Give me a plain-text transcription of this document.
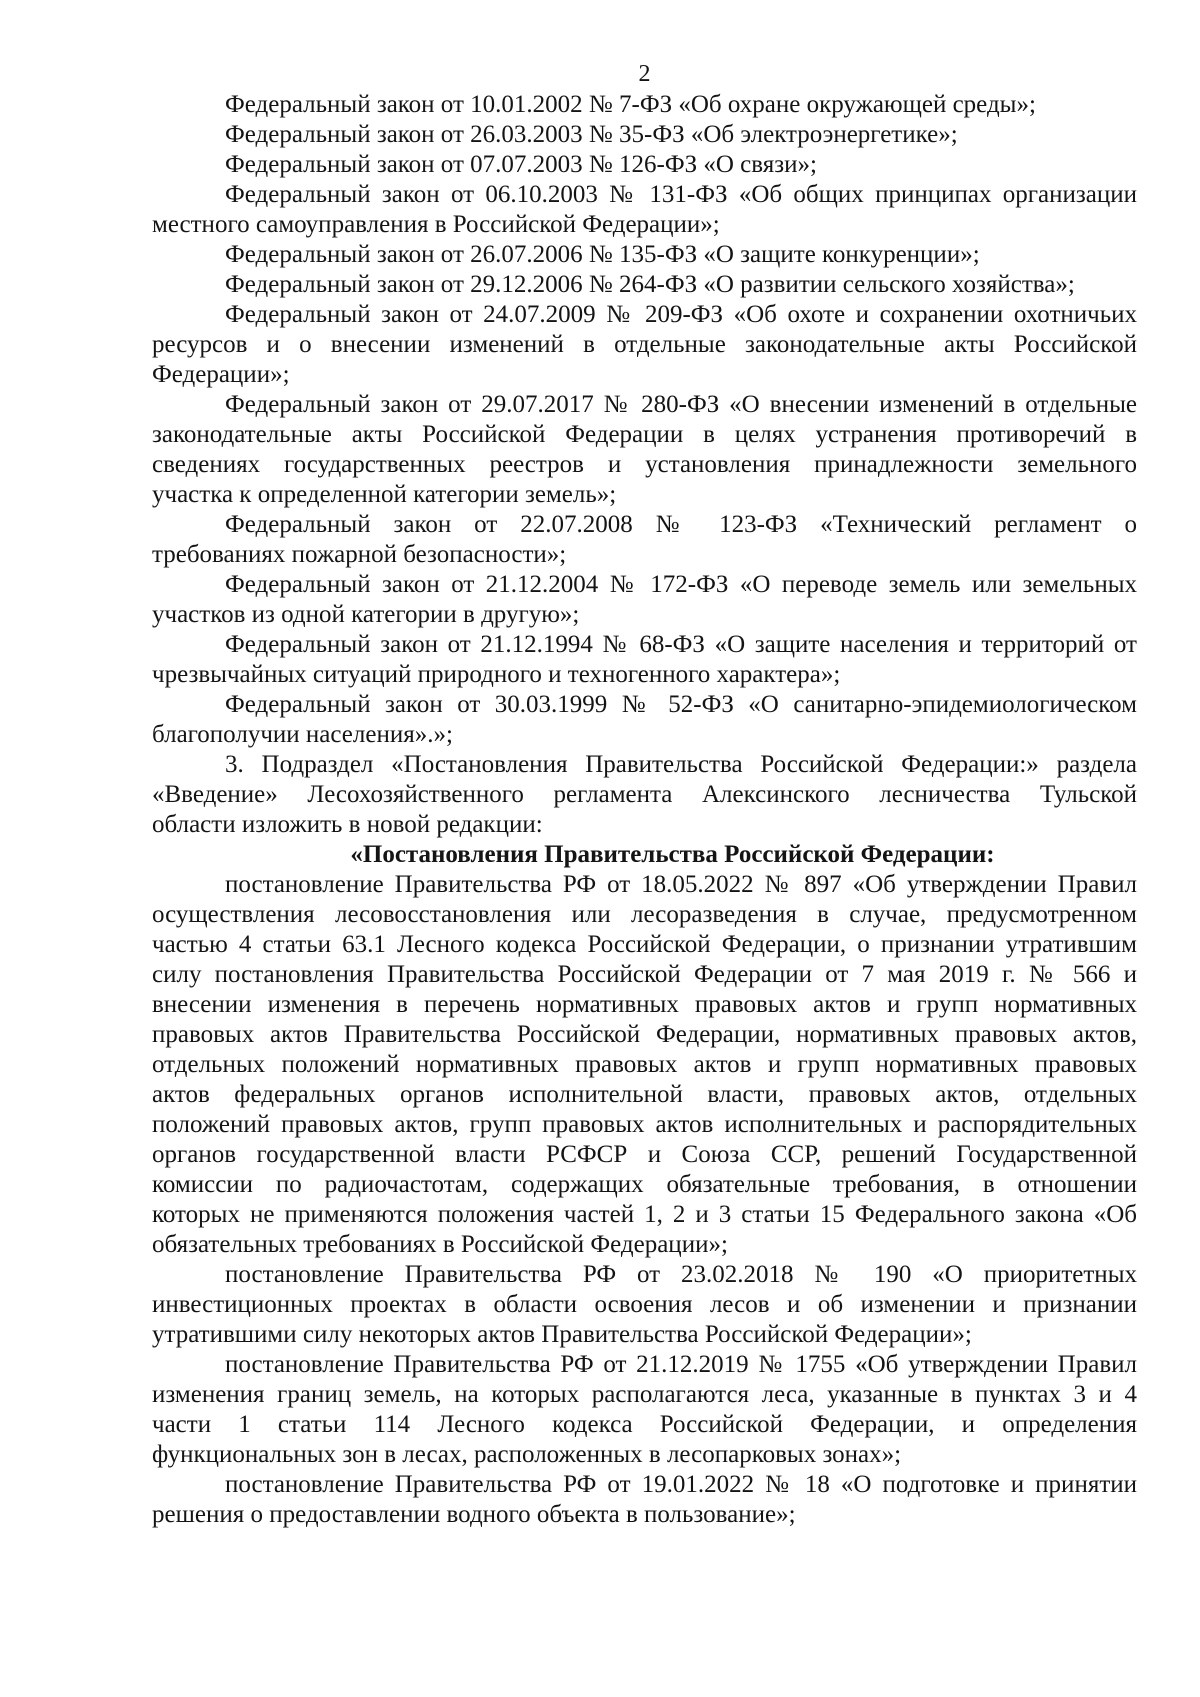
2
Федеральный закон от 10.01.2002 № 7-ФЗ «Об охране окружающей среды»;
Федеральный закон от 26.03.2003 № 35-ФЗ «Об электроэнергетике»;
Федеральный закон от 07.07.2003 № 126-ФЗ «О связи»;
Федеральный закон от 06.10.2003 № 131-ФЗ «Об общих принципах организации
местного самоуправления в Российской Федерации»;
Федеральный закон от 26.07.2006 № 135-ФЗ «О защите конкуренции»;
Федеральный закон от 29.12.2006 № 264-ФЗ «О развитии сельского хозяйства»;
Федеральный закон от 24.07.2009 № 209-ФЗ «Об охоте и сохранении охотничьих
ресурсов и о внесении изменений в отдельные законодательные акты Российской
Федерации»;
Федеральный закон от 29.07.2017 № 280-ФЗ «О внесении изменений в отдельные
законодательные акты Российской Федерации в целях устранения противоречий в
сведениях государственных реестров и установления принадлежности земельного
участка к определенной категории земель»;
Федеральный закон от 22.07.2008 № 123-ФЗ «Технический регламент о
требованиях пожарной безопасности»;
Федеральный закон от 21.12.2004 № 172-ФЗ «О переводе земель или земельных
участков из одной категории в другую»;
Федеральный закон от 21.12.1994 № 68-ФЗ «О защите населения и территорий от
чрезвычайных ситуаций природного и техногенного характера»;
Федеральный закон от 30.03.1999 № 52-ФЗ «О санитарно-эпидемиологическом
благополучии населения».»;
3. Подраздел «Постановления Правительства Российской Федерации:» раздела
«Введение» Лесохозяйственного регламента Алексинского лесничества Тульской
области изложить в новой редакции:
«Постановления Правительства Российской Федерации:
постановление Правительства РФ от 18.05.2022 № 897 «Об утверждении Правил
осуществления лесовосстановления или лесоразведения в случае, предусмотренном
частью 4 статьи 63.1 Лесного кодекса Российской Федерации, о признании утратившим
силу постановления Правительства Российской Федерации от 7 мая 2019 г. № 566 и
внесении изменения в перечень нормативных правовых актов и групп нормативных
правовых актов Правительства Российской Федерации, нормативных правовых актов,
отдельных положений нормативных правовых актов и групп нормативных правовых
актов федеральных органов исполнительной власти, правовых актов, отдельных
положений правовых актов, групп правовых актов исполнительных и распорядительных
органов государственной власти РСФСР и Союза ССР, решений Государственной
комиссии по радиочастотам, содержащих обязательные требования, в отношении
которых не применяются положения частей 1, 2 и 3 статьи 15 Федерального закона «Об
обязательных требованиях в Российской Федерации»;
постановление Правительства РФ от 23.02.2018 № 190 «О приоритетных
инвестиционных проектах в области освоения лесов и об изменении и признании
утратившими силу некоторых актов Правительства Российской Федерации»;
постановление Правительства РФ от 21.12.2019 № 1755 «Об утверждении Правил
изменения границ земель, на которых располагаются леса, указанные в пунктах 3 и 4
части 1 статьи 114 Лесного кодекса Российской Федерации, и определения
функциональных зон в лесах, расположенных в лесопарковых зонах»;
постановление Правительства РФ от 19.01.2022 № 18 «О подготовке и принятии
решения о предоставлении водного объекта в пользование»;
